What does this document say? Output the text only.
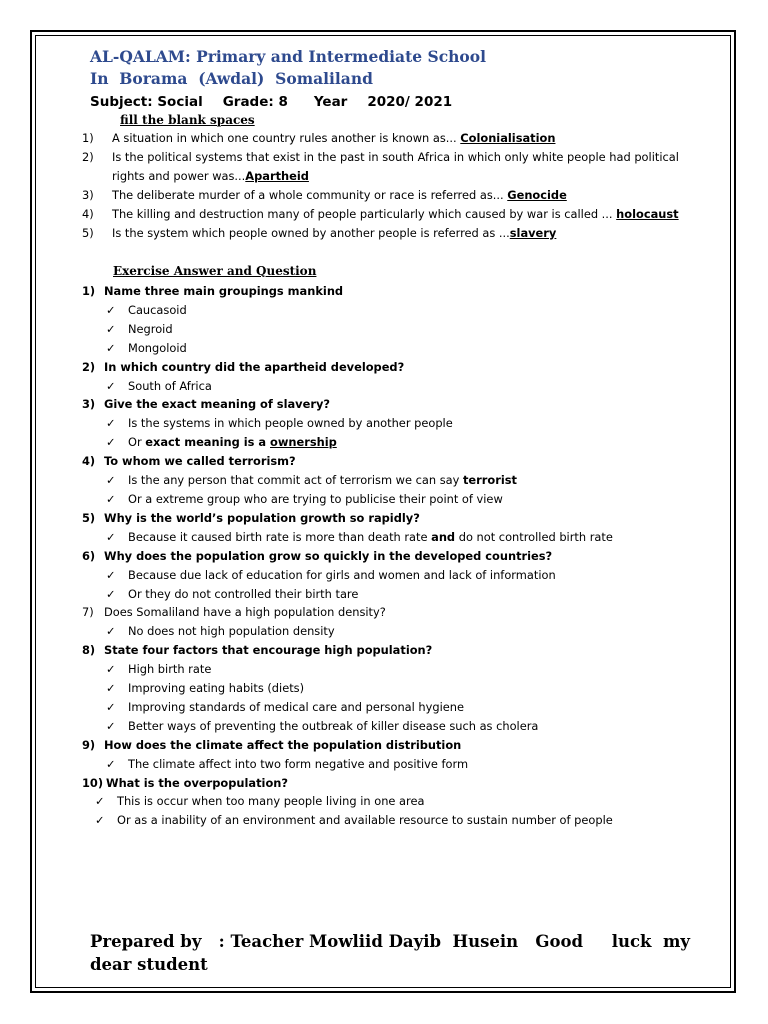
AL-QALAM: Primary and Intermediate School
In  Borama  (Awdal)  Somaliland
Subject: Social Grade: 8 Year 2020/ 2021
fill the blank spaces
1) A situation in which one country rules another is known as... Colonialisation
2) Is the political systems that exist in the past in south Africa in which only white people had political rights and power was...Apartheid
3) The deliberate murder of a whole community or race is referred as... Genocide
4) The killing and destruction many of people particularly which caused by war is called ... holocaust
5) Is the system which people owned by another people is referred as ...slavery
Exercise Answer and Question
1) Name three main groupings mankind
✓ Caucasoid
✓ Negroid
✓ Mongoloid
2) In which country did the apartheid developed?
✓ South of Africa
3) Give the exact meaning of slavery?
✓ Is the systems in which people owned by another people
✓ Or exact meaning is a ownership
4) To whom we called terrorism?
✓ Is the any person that commit act of terrorism we can say terrorist
✓ Or a extreme group who are trying to publicise their point of view
5) Why is the world’s population growth so rapidly?
✓ Because it caused birth rate is more than death rate and do not controlled birth rate
6) Why does the population grow so quickly in the developed countries?
✓ Because due lack of education for girls and women and lack of information
✓ Or they do not controlled their birth tare
7) Does Somaliland have a high population density?
✓ No does not high population density
8) State four factors that encourage high population?
✓ High birth rate
✓ Improving eating habits (diets)
✓ Improving standards of medical care and personal hygiene
✓ Better ways of preventing the outbreak of killer disease such as cholera
9) How does the climate affect the population distribution
✓ The climate affect into two form negative and positive form
10) What is the overpopulation?
✓ This is occur when too many people living in one area
✓ Or as a inability of an environment and available resource to sustain number of people
Prepared by   : Teacher Mowliid Dayib  Husein Good     luck  my
dear student
